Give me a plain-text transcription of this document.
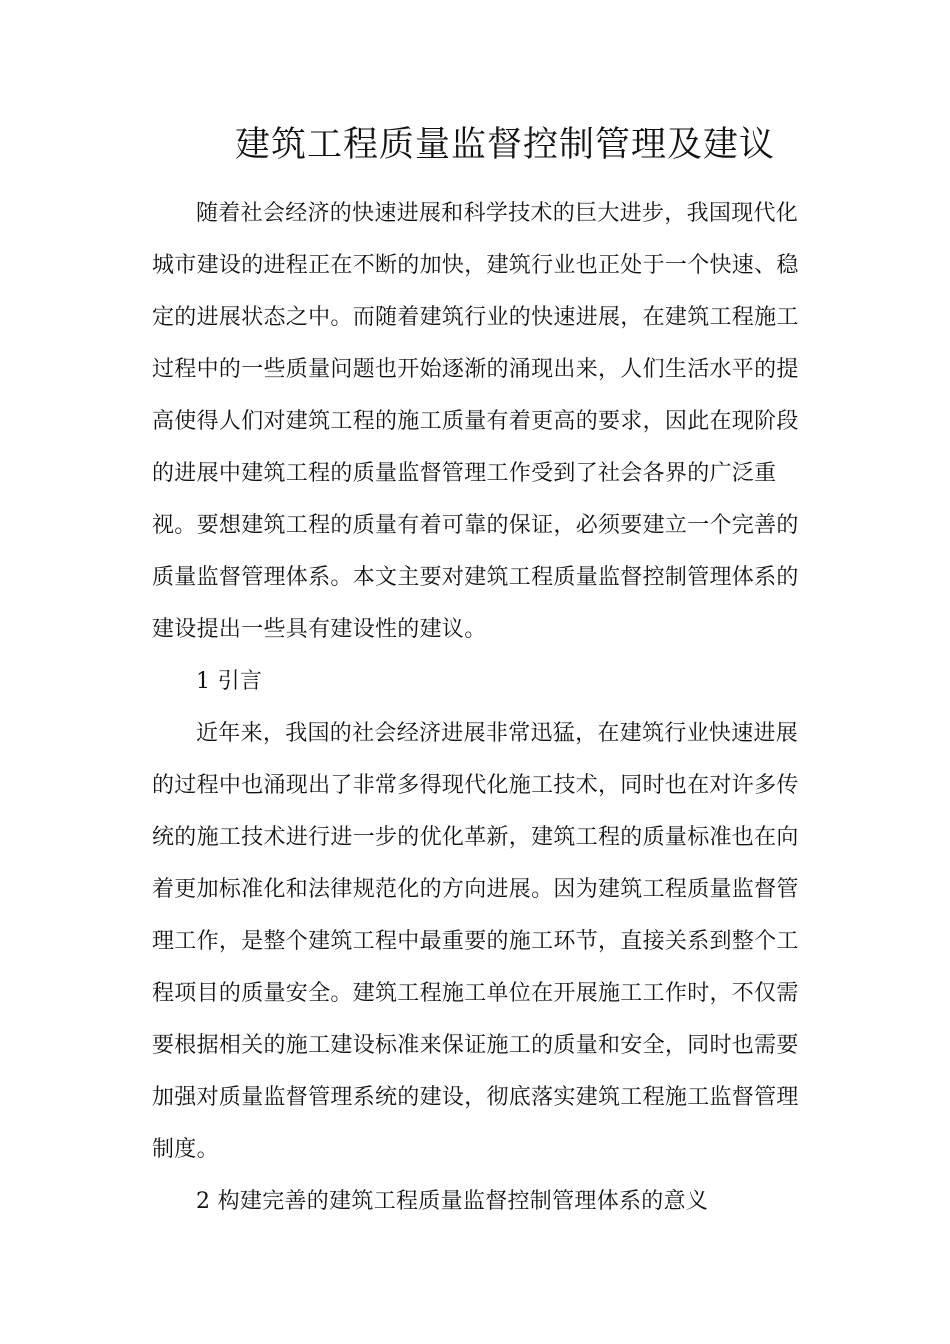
建筑工程质量监督控制管理及建议
随着社会经济的快速进展和科学技术的巨大进步，我国现代化
城市建设的进程正在不断的加快，建筑行业也正处于一个快速、稳
定的进展状态之中。而随着建筑行业的快速进展，在建筑工程施工
过程中的一些质量问题也开始逐渐的涌现出来，人们生活水平的提
高使得人们对建筑工程的施工质量有着更高的要求，因此在现阶段
的进展中建筑工程的质量监督管理工作受到了社会各界的广泛重
视。要想建筑工程的质量有着可靠的保证，必须要建立一个完善的
质量监督管理体系。本文主要对建筑工程质量监督控制管理体系的
建设提出一些具有建设性的建议。
1 引言
近年来，我国的社会经济进展非常迅猛，在建筑行业快速进展
的过程中也涌现出了非常多得现代化施工技术，同时也在对许多传
统的施工技术进行进一步的优化革新，建筑工程的质量标准也在向
着更加标准化和法律规范化的方向进展。因为建筑工程质量监督管
理工作，是整个建筑工程中最重要的施工环节，直接关系到整个工
程项目的质量安全。建筑工程施工单位在开展施工工作时，不仅需
要根据相关的施工建设标准来保证施工的质量和安全，同时也需要
加强对质量监督管理系统的建设，彻底落实建筑工程施工监督管理
制度。
2 构建完善的建筑工程质量监督控制管理体系的意义
